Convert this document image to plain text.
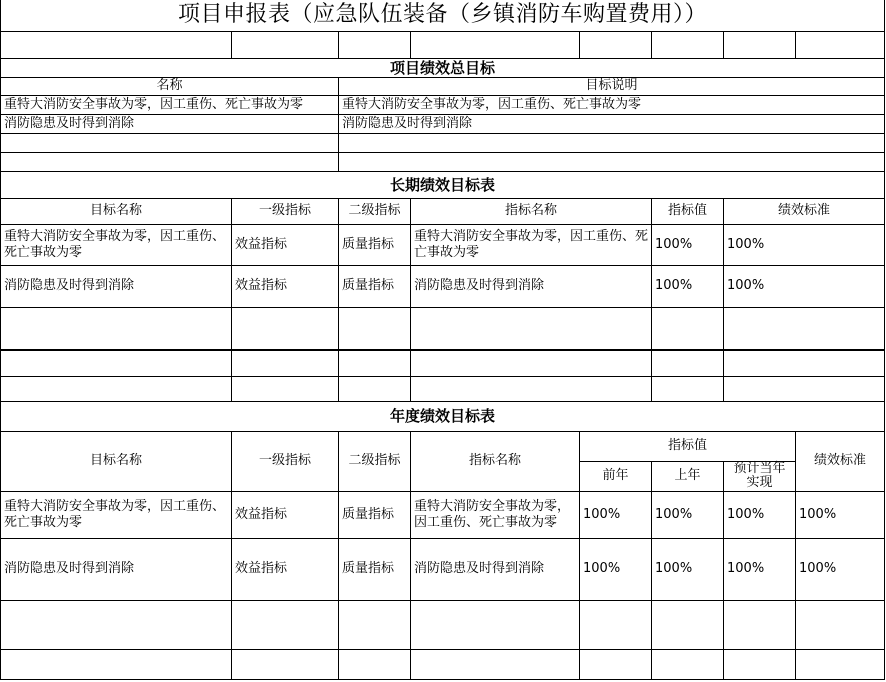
项目申报表（应急队伍装备（乡镇消防车购置费用））							

项目绩效总目标							
名称		目标说明					
重特大消防安全事故为零，因工重伤、死亡事故为零		重特大消防安全事故为零，因工重伤、死亡事故为零					
消防隐患及时得到消除		消防隐患及时得到消除					

长期绩效目标表							
目标名称	一级指标	二级指标	指标名称		指标值	绩效标准	
重特大消防安全事故为零，因工重伤、死亡事故为零	效益指标	质量指标	重特大消防安全事故为零，因工重伤、死亡事故为零		100%	100%	
消防隐患及时得到消除	效益指标	质量指标	消防隐患及时得到消除		100%	100%	

年度绩效目标表							
目标名称	一级指标	二级指标	指标名称	指标值			绩效标准
				前年	上年	预计当年实现	

重特大消防安全事故为零，因工重伤、死亡事故为零	效益指标	质量指标	重特大消防安全事故为零，因工重伤、死亡事故为零	100%	100%	100%	100%
消防隐患及时得到消除	效益指标	质量指标	消防隐患及时得到消除	100%	100%	100%	100%
